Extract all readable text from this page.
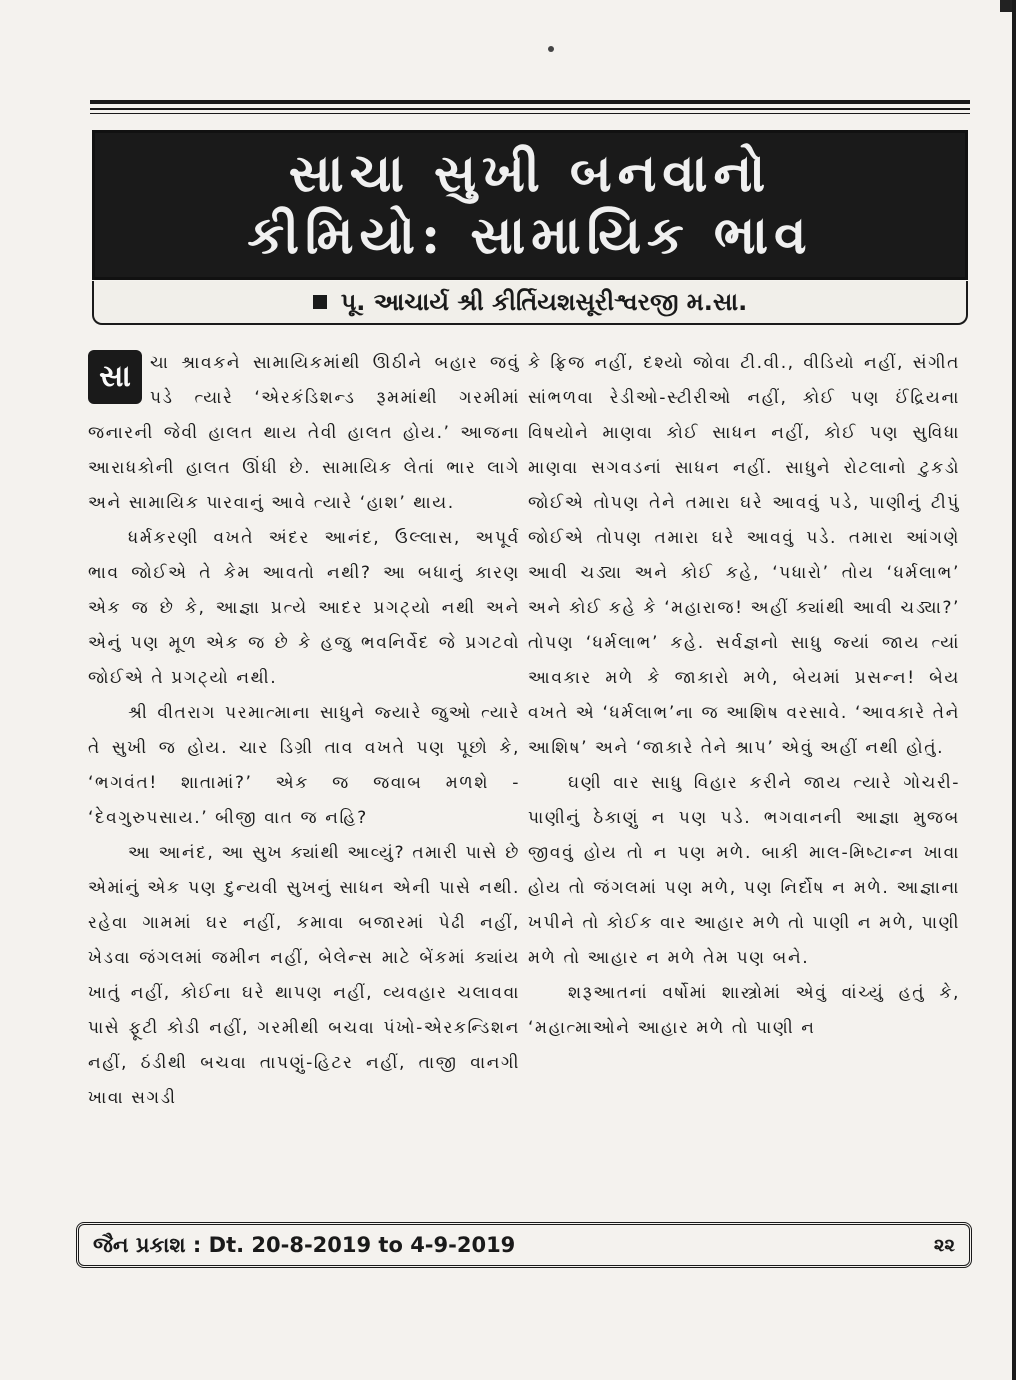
સાચા સુખી બનવાનો
કીમિયો: સામાયિક ભાવ
પૂ. આચાર્ય શ્રી કીર્તિયશસૂરીશ્વરજી મ.સા.

સા	ચા શ્રાવકને સામાયિકમાંથી ઊઠીને બહાર જવું પડે ત્યારે ‘એરકંડિશન્ડ રૂમમાંથી ગરમીમાં જનારની જેવી હાલત થાય તેવી હાલત હોય.’ આજના આરાધકોની હાલત ઊંધી છે. સામાયિક લેતાં ભાર લાગે અને સામાયિક પારવાનું આવે ત્યારે ‘હાશ’ થાય.

ધર્મકરણી વખતે અંદર આનંદ, ઉલ્લાસ, અપૂર્વ ભાવ જોઈએ તે કેમ આવતો નથી? આ બધાનું કારણ એક જ છે કે, આજ્ઞા પ્રત્યે આદર પ્રગટ્યો નથી અને એનું પણ મૂળ એક જ છે કે હજુ ભવનિર્વેદ જે પ્રગટવો જોઈએ તે પ્રગટ્યો નથી.

શ્રી વીતરાગ પરમાત્માના સાધુને જ્યારે જુઓ ત્યારે તે સુખી જ હોય. ચાર ડિગ્રી તાવ વખતે પણ પૂછો કે, ‘ભગવંત! શાતામાં?’ એક જ જવાબ મળશે - ‘દેવગુરુપસાય.’ બીજી વાત જ નહિ?

આ આનંદ, આ સુખ ક્યાંથી આવ્યું? તમારી પાસે છે એમાંનું એક પણ દુન્યવી સુખનું સાધન એની પાસે નથી. રહેવા ગામમાં ઘર નહીં, કમાવા બજારમાં પેઢી નહીં, ખેડવા જંગલમાં જમીન નહીં, બેલેન્સ માટે બેંકમાં ક્યાંય ખાતું નહીં, કોઈના ઘરે થાપણ નહીં, વ્યવહાર ચલાવવા પાસે ફૂટી કોડી નહીં, ગરમીથી બચવા પંખો-એરકન્ડિશન નહીં, ઠંડીથી બચવા તાપણું-હિટર નહીં, તાજી વાનગી ખાવા સગડી

કે ફ્રિજ નહીં, દશ્યો જોવા ટી.વી., વીડિયો નહીં, સંગીત સાંભળવા રેડીઓ-સ્ટીરીઓ નહીં, કોઈ પણ ઈંદ્રિયના વિષયોને માણવા કોઈ સાધન નહીં, કોઈ પણ સુવિધા માણવા સગવડનાં સાધન નહીં. સાધુને રોટલાનો ટુકડો જોઈએ તોપણ તેને તમારા ઘરે આવવું પડે, પાણીનું ટીપું જોઈએ તોપણ તમારા ઘરે આવવું પડે. તમારા આંગણે આવી ચડ્યા અને કોઈ કહે, ‘પધારો’ તોય ‘ધર્મલાભ’ અને કોઈ કહે કે ‘મહારાજ! અહીં ક્યાંથી આવી ચડ્યા?’ તોપણ ‘ધર્મલાભ’ કહે. સર્વજ્ઞનો સાધુ જ્યાં જાય ત્યાં આવકાર મળે કે જાકારો મળે, બેયમાં પ્રસન્ન! બેય વખતે એ ‘ધર્મલાભ’ના જ આશિષ વરસાવે. ‘આવકારે તેને આશિષ’ અને ‘જાકારે તેને શ્રાપ’ એવું અહીં નથી હોતું.

ઘણી વાર સાધુ વિહાર કરીને જાય ત્યારે ગોચરી-પાણીનું ઠેકાણું ન પણ પડે. ભગવાનની આજ્ઞા મુજબ જીવવું હોય તો ન પણ મળે. બાકી માલ-મિષ્ટાન્ન ખાવા હોય તો જંગલમાં પણ મળે, પણ નિર્દોષ ન મળે. આજ્ઞાના ખપીને તો કોઈક વાર આહાર મળે તો પાણી ન મળે, પાણી મળે તો આહાર ન મળે તેમ પણ બને.

શરૂઆતનાં વર્ષોમાં શાસ્ત્રોમાં એવું વાંચ્યું હતું કે, ‘મહાત્માઓને આહાર મળે તો પાણી ન

જૈન પ્રકાશ : Dt. 20-8-2019 to 4-9-2019	૨૨
